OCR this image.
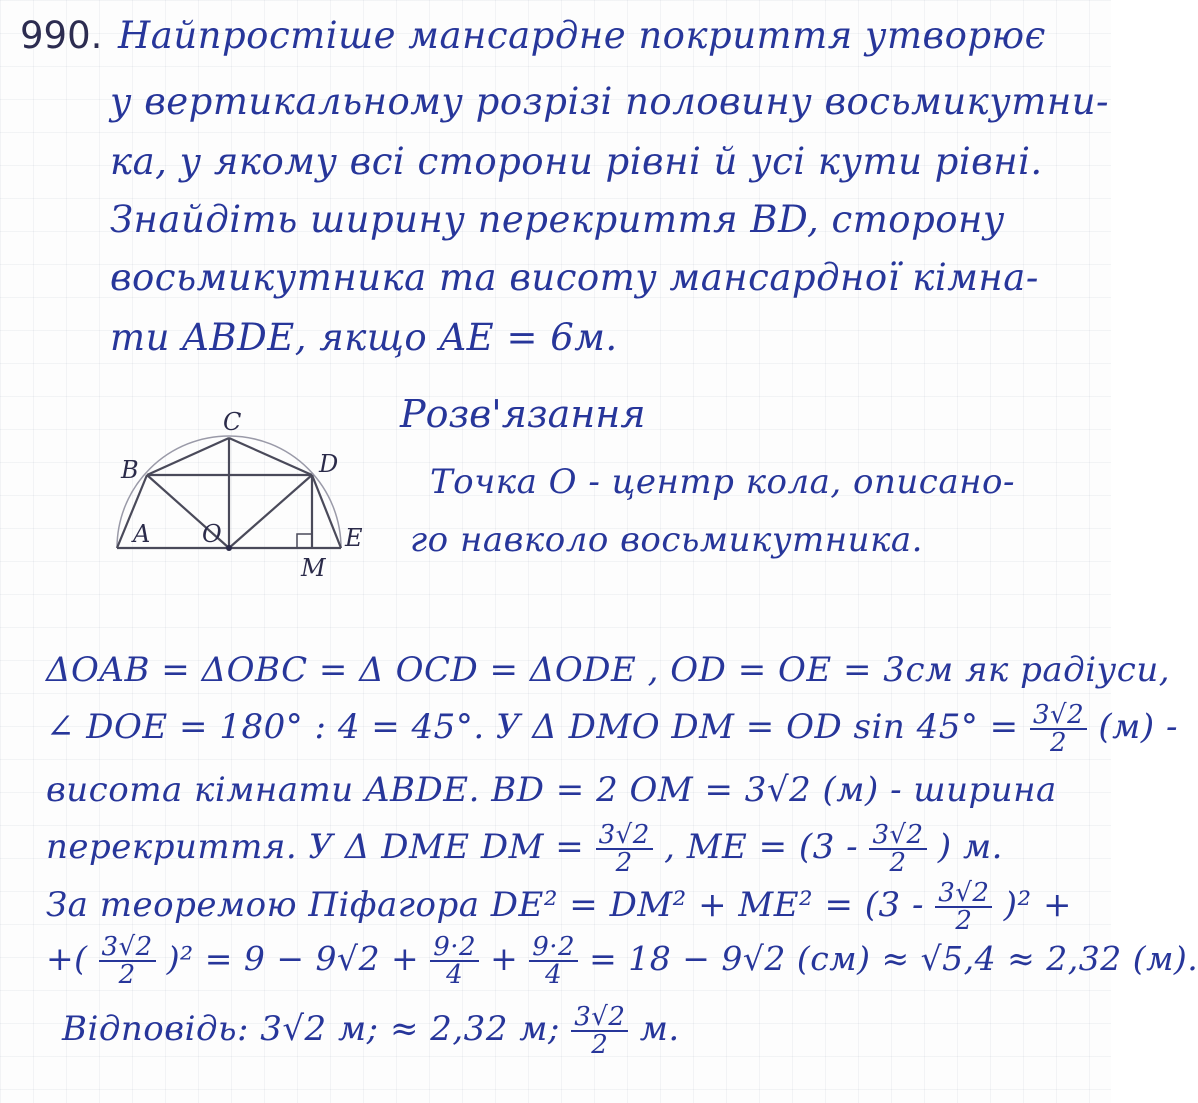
990. Найпростіше мансардне покриття утворює
у вертикальному розрізі половину восьмикутни-
ка, у якому всі сторони рівні й усі кути рівні.
Знайдіть ширину перекриття BD, сторону
восьмикутника та висоту мансардної кімна-
ти ABDE, якщо AE = 6м.
Розв'язання
Точка O - центр кола, описано-
го навколо восьмикутника.
C
B	D
A O	E
M
ΔOAB = ΔOBC = Δ OCD = ΔODE , OD = OE = 3см як радіуси,
∠ DOE = 180° : 4 = 45°. У Δ DMO DM = OD $\sin 45^\circ = \frac{3√2}{2} (м)$ -
висота кімнати ABDE. BD = 2 OM = 3√2 (м) - ширина
перекриття. У Δ DME DM = $\frac{3√2}{2}$ , ME = ($3 - \frac{3√2}{2}$ ) м.
За теоремою Піфагора $DE^2 = DM^2 + ME^2 = (3 - \frac{3√2}{2} )^2$ +
+( $\frac{3√2}{2} )^2 = 9 - 9√2 + \frac{9\cdot 2}{4} + \frac{9\cdot 2}{4} = 18 - 9√2$ (см) ≈ √5,4 ≈ 2,32 (м).
Відповідь: 3√2 м; ≈ 2,32 м; $\frac{3√2}{2} м$.
